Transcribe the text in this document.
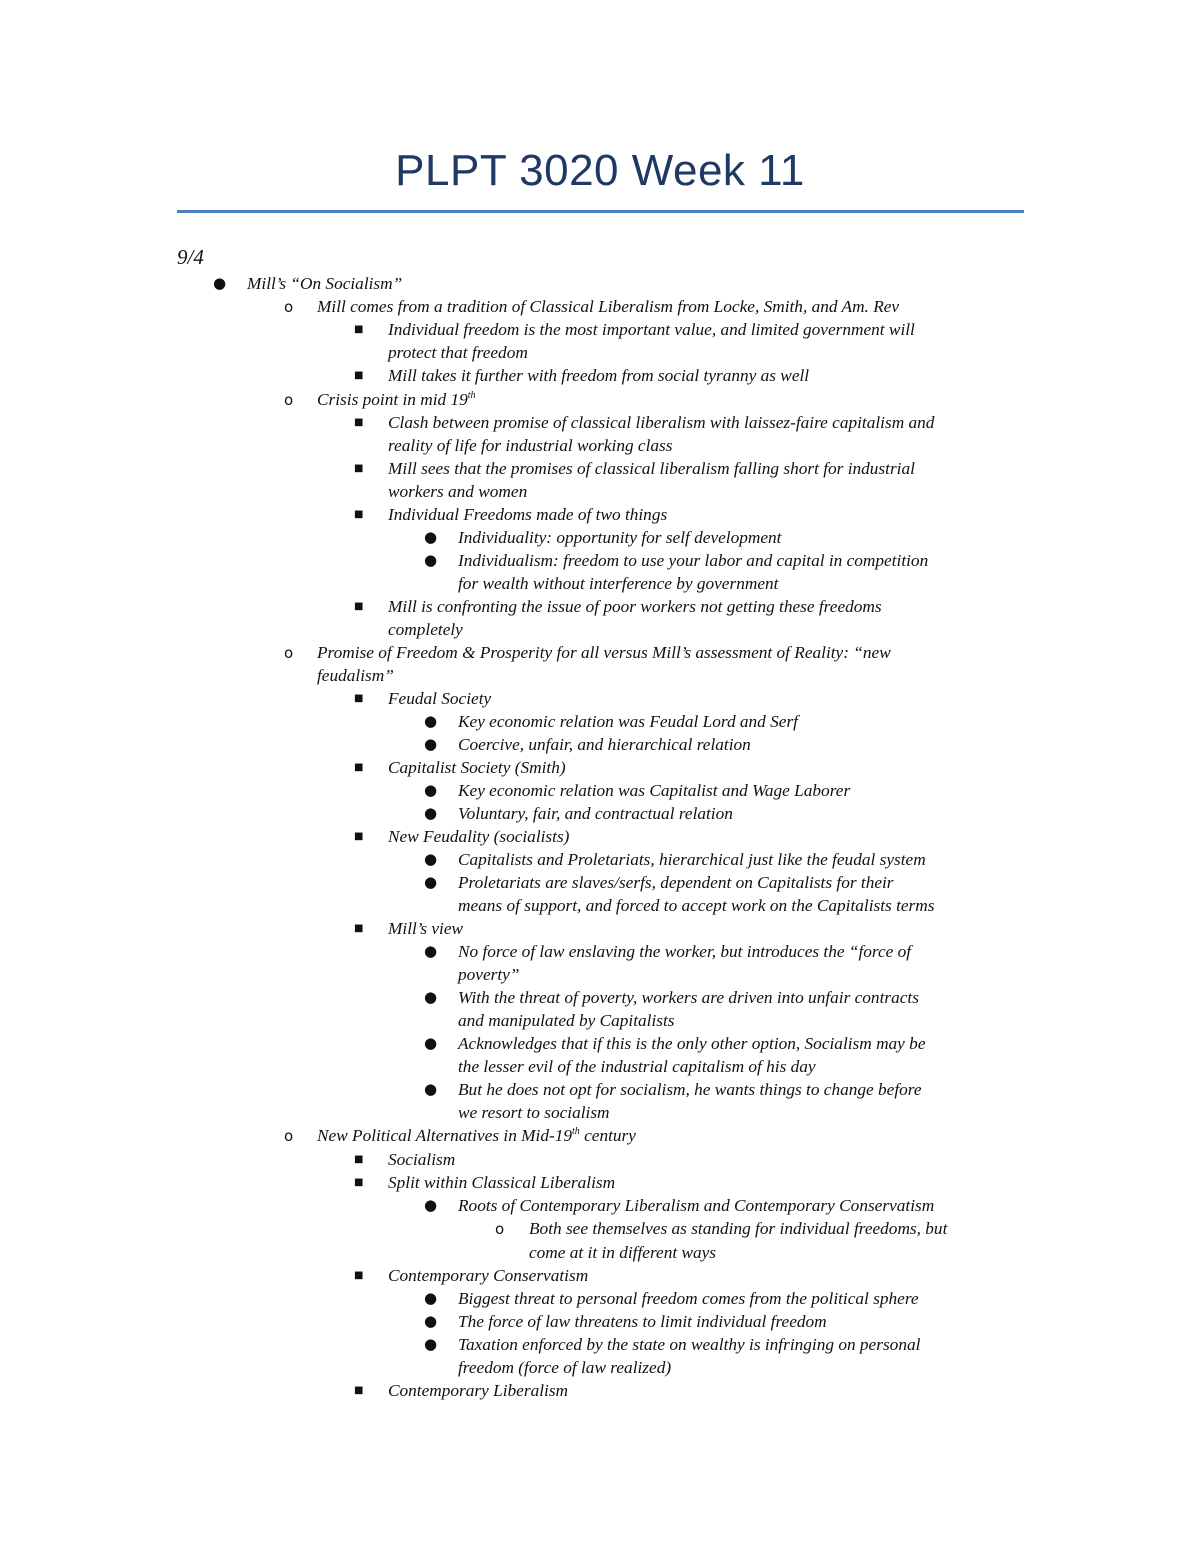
PLPT 3020 Week 11
9/4
● Mill’s “On Socialism”
o Mill comes from a tradition of Classical Liberalism from Locke, Smith, and Am. Rev
■ Individual freedom is the most important value, and limited government will
protect that freedom
■ Mill takes it further with freedom from social tyranny as well
o Crisis point in mid 19th
■ Clash between promise of classical liberalism with laissez-faire capitalism and
reality of life for industrial working class
■ Mill sees that the promises of classical liberalism falling short for industrial
workers and women
■ Individual Freedoms made of two things
● Individuality: opportunity for self development
● Individualism: freedom to use your labor and capital in competition
for wealth without interference by government
■ Mill is confronting the issue of poor workers not getting these freedoms
completely
o Promise of Freedom & Prosperity for all versus Mill’s assessment of Reality: “new
feudalism”
■ Feudal Society
● Key economic relation was Feudal Lord and Serf
● Coercive, unfair, and hierarchical relation
■ Capitalist Society (Smith)
● Key economic relation was Capitalist and Wage Laborer
● Voluntary, fair, and contractual relation
■ New Feudality (socialists)
● Capitalists and Proletariats, hierarchical just like the feudal system
● Proletariats are slaves/serfs, dependent on Capitalists for their
means of support, and forced to accept work on the Capitalists terms
■ Mill’s view
● No force of law enslaving the worker, but introduces the “force of
poverty”
● With the threat of poverty, workers are driven into unfair contracts
and manipulated by Capitalists
● Acknowledges that if this is the only other option, Socialism may be
the lesser evil of the industrial capitalism of his day
● But he does not opt for socialism, he wants things to change before
we resort to socialism
o New Political Alternatives in Mid-19th century
■ Socialism
■ Split within Classical Liberalism
● Roots of Contemporary Liberalism and Contemporary Conservatism
o Both see themselves as standing for individual freedoms, but
come at it in different ways
■ Contemporary Conservatism
● Biggest threat to personal freedom comes from the political sphere
● The force of law threatens to limit individual freedom
● Taxation enforced by the state on wealthy is infringing on personal
freedom (force of law realized)
■ Contemporary Liberalism
